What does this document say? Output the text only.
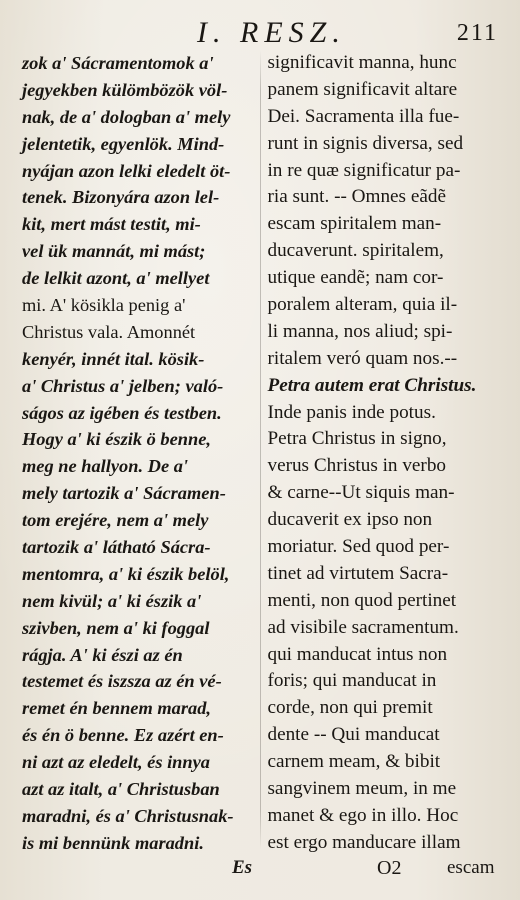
I. RESZ.	211
zok a' Sácramentomok a'
jegyekben külömbözök völ-
nak, de a' dologban a' mely
jelentetik, egyenlök. Mind-
nyájan azon lelki eledelt öt-
tenek. Bizonyára azon lel-
kit, mert mást testit, mi-
vel ük mannát, mi mást;
de lelkit azont, a' mellyet
mi. A' kösikla penig a'
Christus vala. Amonnét
kenyér, innét ital. kösik-
a' Christus a' jelben; való-
ságos az igében és testben.
Hogy a' ki észik ö benne,
meg ne hallyon. De a'
mely tartozik a' Sácramen-
tom erejére, nem a' mely
tartozik a' látható Sácra-
mentomra, a' ki észik belöl,
nem kivül; a' ki észik a'
szivben, nem a' ki foggal
rágja. A' ki észi az én
testemet és iszsza az én vé-
remet én bennem marad,
és én ö benne. Ez azért en-
ni azt az eledelt, és innya
azt az italt, a' Christusban
maradni, és a' Christusnak-
is mi bennünk maradni.
significavit manna, hunc
panem significavit altare
Dei. Sacramenta illa fue-
runt in signis diversa, sed
in re quæ significatur pa-
ria sunt. -- Omnes eãdẽ
escam spiritalem man-
ducaverunt. spiritalem,
utique eandẽ; nam cor-
poralem alteram, quia il-
li manna, nos aliud; spi-
ritalem veró quam nos.--
Petra autem erat Christus.
Inde panis inde potus.
Petra Christus in signo,
verus Christus in verbo
& carne--Ut siquis man-
ducaverit ex ipso non
moriatur. Sed quod per-
tinet ad virtutem Sacra-
menti, non quod pertinet
ad visibile sacramentum.
qui manducat intus non
foris; qui manducat in
corde, non qui premit
dente -- Qui manducat
carnem meam, & bibit
sangvinem meum, in me
manet & ego in illo. Hoc
est ergo manducare illam
Es	O2 escam
